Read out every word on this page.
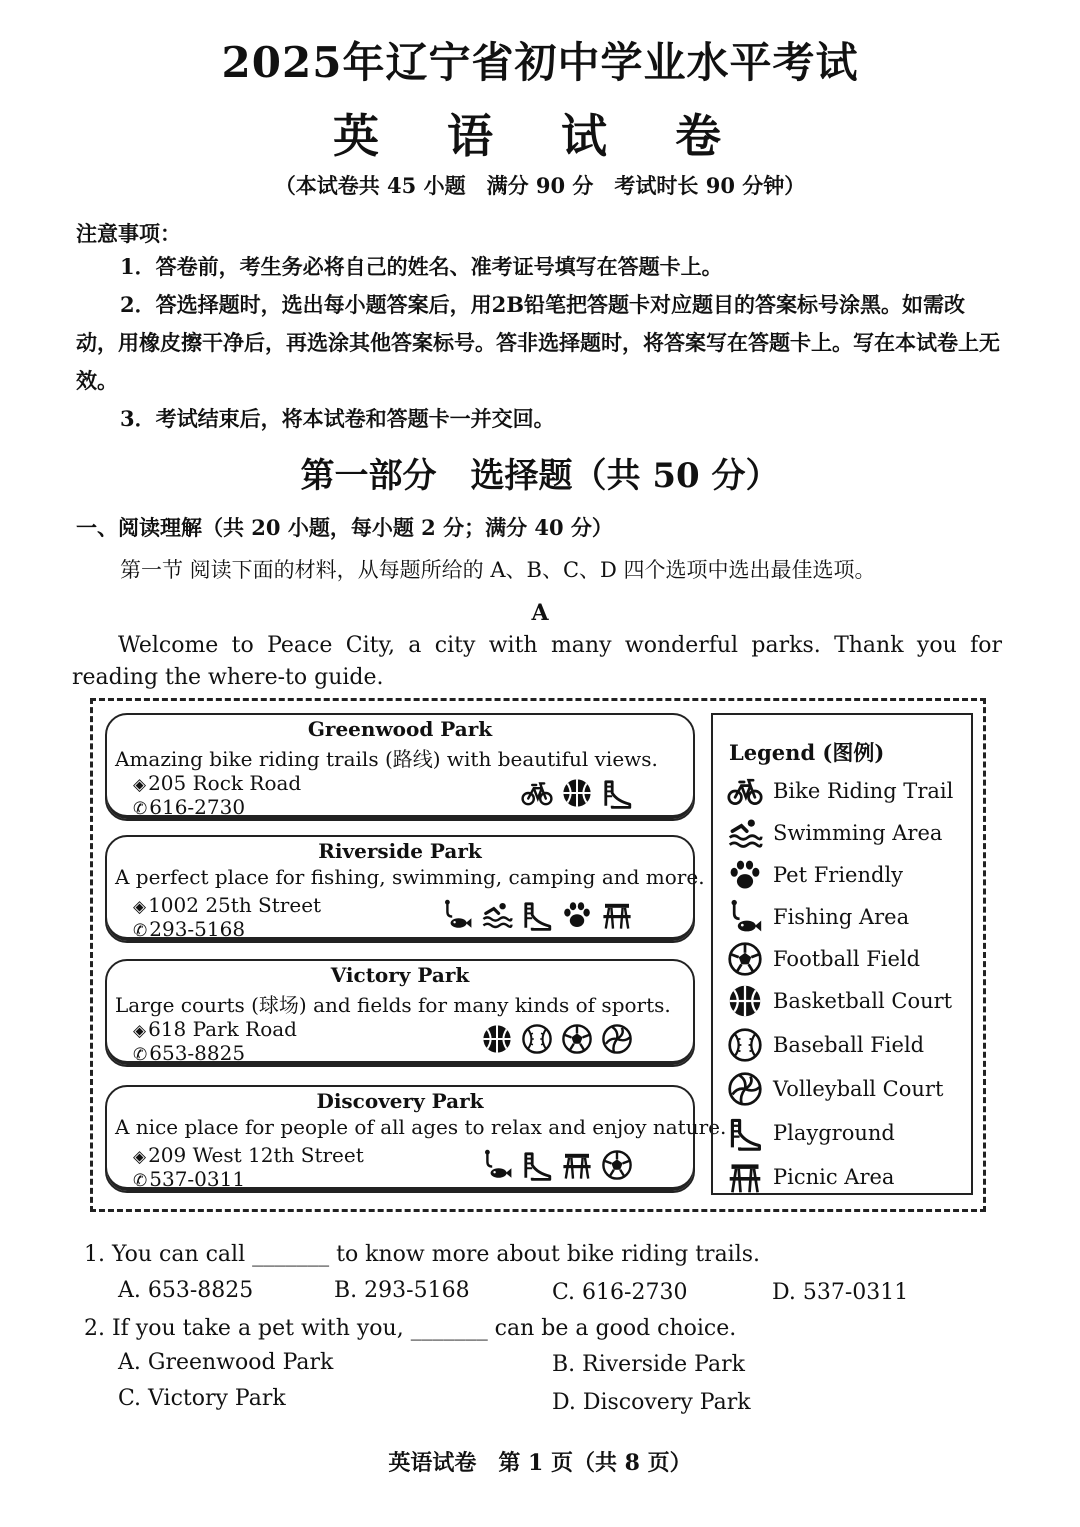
2025年辽宁省初中学业水平考试
英 语 试 卷
（本试卷共 45 小题　满分 90 分　考试时长 90 分钟）
注意事项：

1．答卷前，考生务必将自己的姓名、准考证号填写在答题卡上。

2．答选择题时，选出每小题答案后，用2B铅笔把答题卡对应题目的答案标号涂黑。如需改动，用橡皮擦干净后，再选涂其他答案标号。答非选择题时，将答案写在答题卡上。写在本试卷上无效。

3．考试结束后，将本试卷和答题卡一并交回。

第一部分　选择题（共 50 分）
一、阅读理解（共 20 小题，每小题 2 分；满分 40 分）
第一节 阅读下面的材料，从每题所给的 A、B、C、D 四个选项中选出最佳选项。
A
Welcome to Peace City, a city with many wonderful parks. Thank you for reading the where-to guide.
Greenwood Park
Amazing bike riding trails (路线) with beautiful views.
◈ 205 Rock Road
✆ 616-2730
Riverside Park
A perfect place for fishing, swimming, camping and more.
◈ 1002 25th Street
✆ 293-5168
Victory Park
Large courts (球场) and fields for many kinds of sports.
◈ 618 Park Road
✆ 653-8825
Discovery Park
A nice place for people of all ages to relax and enjoy nature.
◈ 209 West 12th Street
✆ 537-0311
Legend (图例)
Bike Riding Trail
Swimming Area
Pet Friendly
Fishing Area
Football Field
Basketball Court
Baseball Field
Volleyball Court
Playground
Picnic Area
1. You can call _______ to know more about bike riding trails.
A. 653-8825	B. 293-5168	C. 616-2730	D. 537-0311
2. If you take a pet with you, _______ can be a good choice.
A. Greenwood Park	B. Riverside Park
C. Victory Park	D. Discovery Park
英语试卷　第 1 页（共 8 页）
